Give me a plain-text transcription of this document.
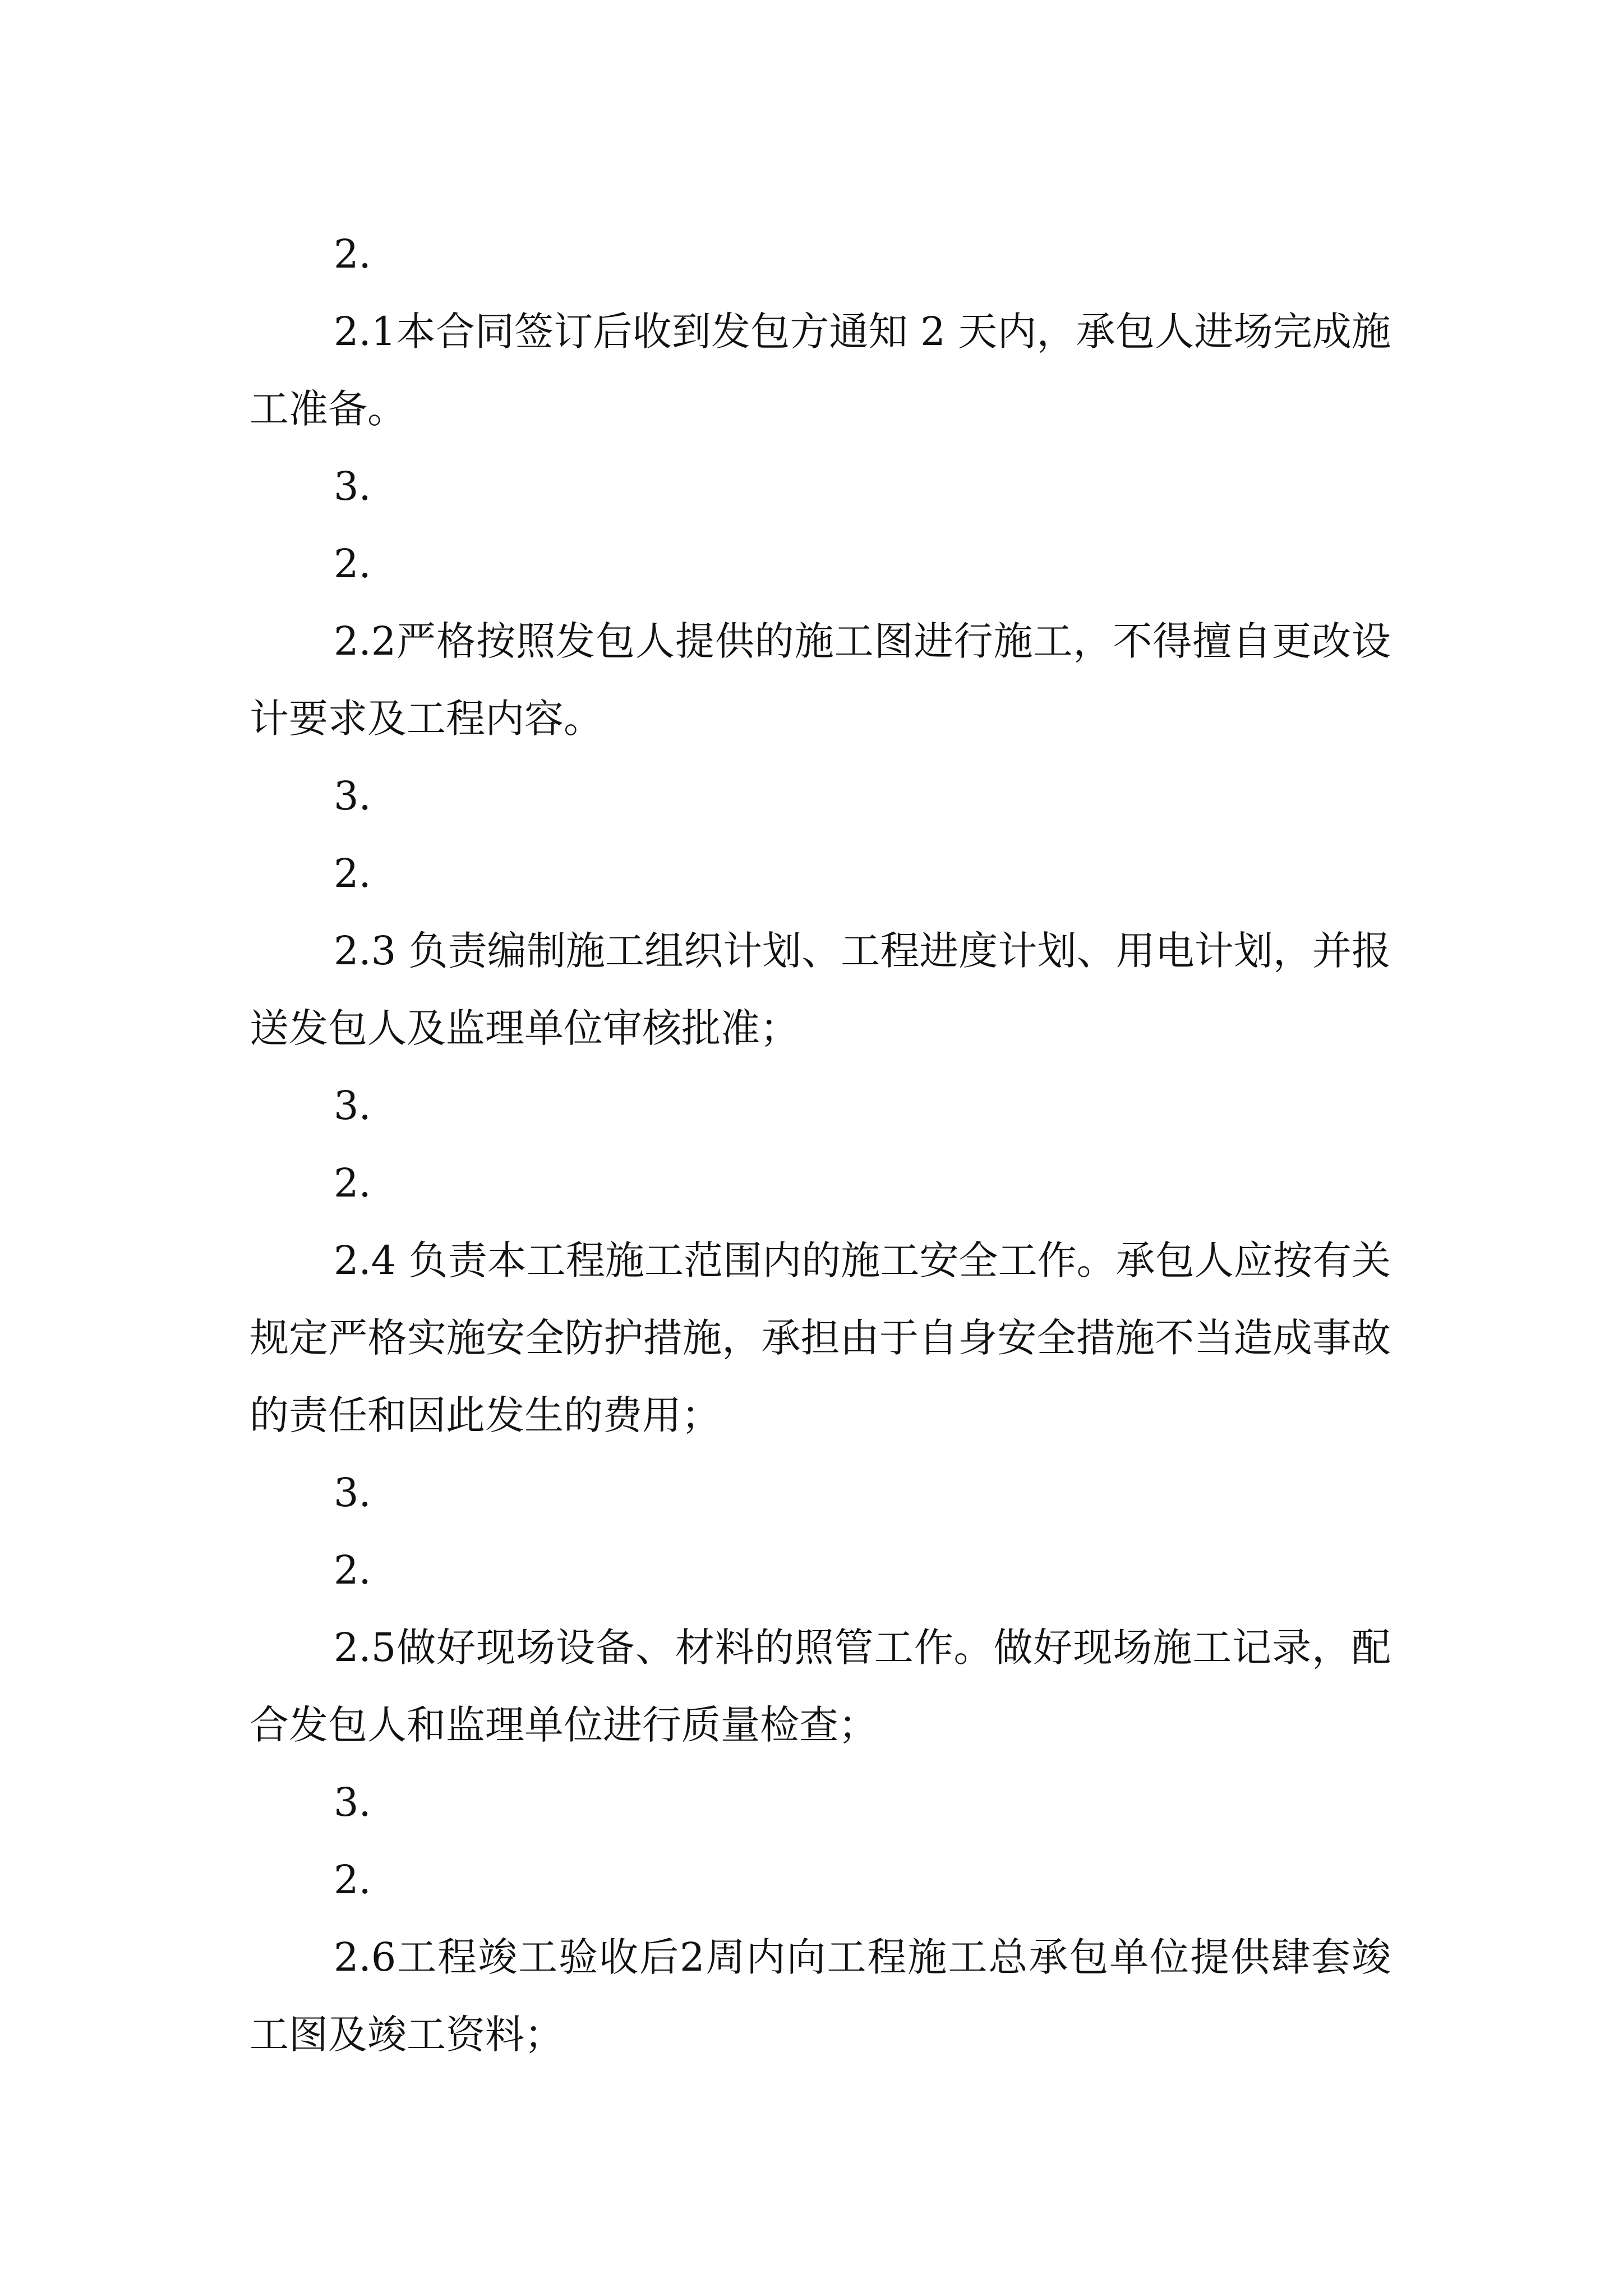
2.

2.1本合同签订后收到发包方通知 2 天内，承包人进场完成施工准备。

3.

2.

2.2严格按照发包人提供的施工图进行施工，不得擅自更改设计要求及工程内容。

3.

2.

2.3 负责编制施工组织计划、工程进度计划、用电计划，并报送发包人及监理单位审核批准；

3.

2.

2.4 负责本工程施工范围内的施工安全工作。承包人应按有关规定严格实施安全防护措施，承担由于自身安全措施不当造成事故的责任和因此发生的费用；

3.

2.

2.5做好现场设备、材料的照管工作。做好现场施工记录，配合发包人和监理单位进行质量检查；

3.

2.

2.6工程竣工验收后2周内向工程施工总承包单位提供肆套竣工图及竣工资料；
